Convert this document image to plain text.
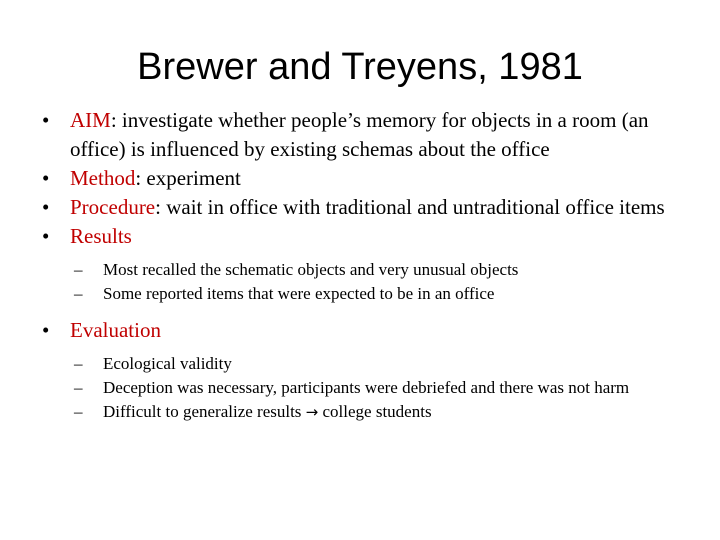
Brewer and Treyens, 1981
• AIM: investigate whether people’s memory for objects in a room (an office) is influenced by existing schemas about the office
• Method: experiment
• Procedure: wait in office with traditional and untraditional office items
• Results
– Most recalled the schematic objects and very unusual objects
– Some reported items that were expected to be in an office
• Evaluation
– Ecological validity
– Deception was necessary, participants were debriefed and there was not harm
– Difficult to generalize results → college students
